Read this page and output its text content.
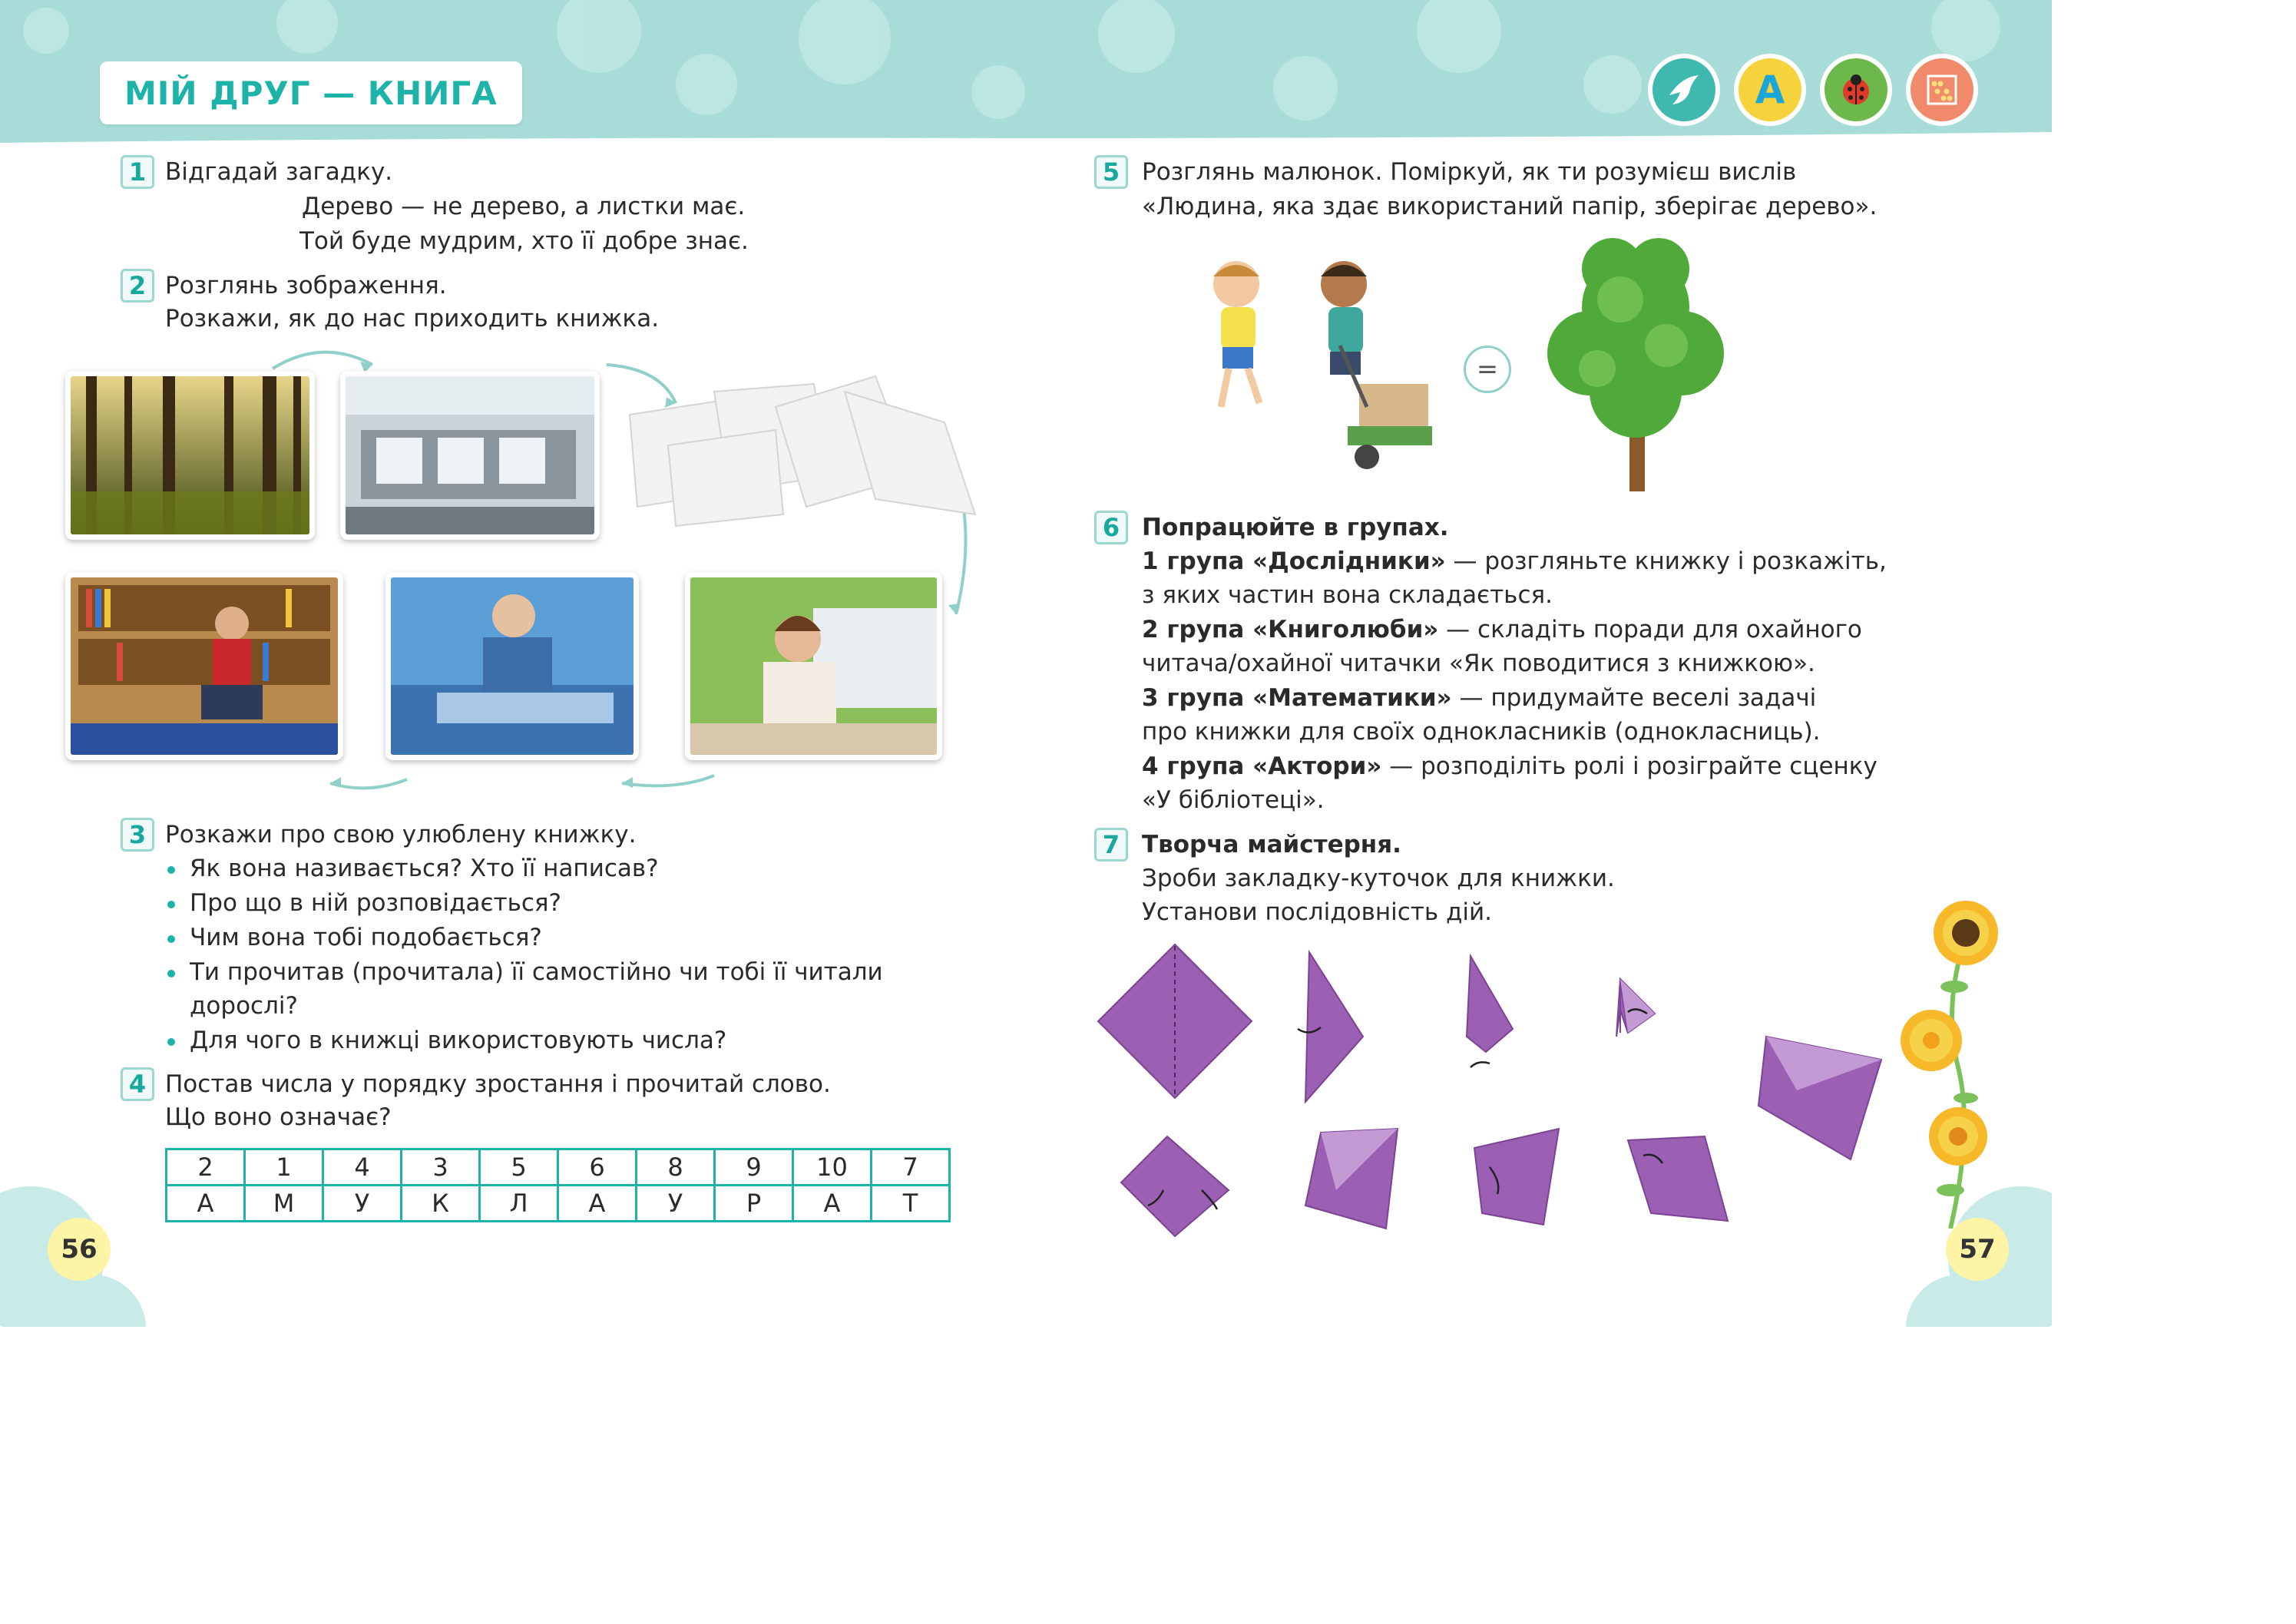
МІЙ ДРУГ — КНИГА	А
1 Відгадай загадку.
Дерево — не дерево, а листки має.
Той буде мудрим, хто її добре знає.
2 Розглянь зображення.
Розкажи, як до нас приходить книжка.
3 Розкажи про свою улюблену книжку.
Як вона називається? Хто її написав?
Про що в ній розповідається?
Чим вона тобі подобається?
Ти прочитав (прочитала) її самостійно чи тобі її читали
дорослі?
Для чого в книжці використовують числа?
4 Постав числа у порядку зростання і прочитай слово.
Що воно означає?
2	1	4	3	5	6	8	9	10	7
А	М	У	К	Л	А	У	Р	А	Т
56
5 Розглянь малюнок. Поміркуй, як ти розумієш вислів
«Людина, яка здає використаний папір, зберігає дерево».
=
6 Попрацюйте в групах.
1 група «Дослідники» — розгляньте книжку і розкажіть,
з яких частин вона складається.
2 група «Книголюби» — складіть поради для охайного
читача/охайної читачки «Як поводитися з книжкою».
3 група «Математики» — придумайте веселі задачі
про книжки для своїх однокласників (однокласниць).
4 група «Актори» — розподіліть ролі і розіграйте сценку
«У бібліотеці».
7 Творча майстерня.
Зроби закладку-куточок для книжки.
Установи послідовність дій.
57
